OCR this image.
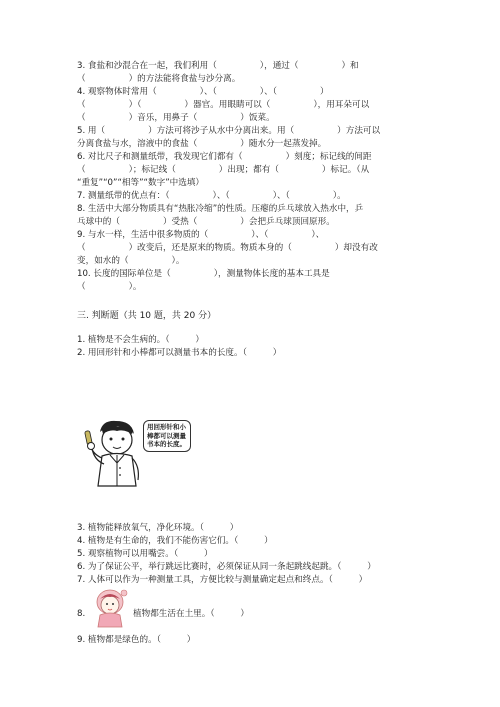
3. 食盐和沙混合在一起，我们利用（　　　　　），通过（　　　　　）和
（　　　　　）的方法能将食盐与沙分离。
4. 观察物体时常用（　　　　　）、（　　　　　）、（　　　　　）
（　　　　　）（　　　　　）器官。用眼睛可以（　　　　　），用耳朵可以
（　　　　　）音乐，用鼻子（　　　　　）饭菜。
5. 用（　　　　　）方法可将沙子从水中分离出来。用（　　　　　）方法可以
分离食盐与水，溶液中的食盐（　　　　　）随水分一起蒸发掉。
6. 对比尺子和测量纸带，我发现它们都有（　　　　　）刻度；标记线的间距
（　　　　　）；标记线（　　　　　）出现；都有（　　　　　）标记。（从
“重复”“0”“相等”“数字”中选填）
7. 测量纸带的优点有：（　　　　　）、（　　　　　）、（　　　　　）。
8. 生活中大部分物质具有“热胀冷缩”的性质。压瘪的乒乓球放入热水中，乒
乓球中的（　　　　　）受热（　　　　　）会把乒乓球顶回原形。
9. 与水一样，生活中很多物质的（　　　　　）、（　　　　　）、
（　　　　　）改变后，还是原来的物质。物质本身的（　　　　　）却没有改
变，如水的（　　　　　）。
10. 长度的国际单位是（　　　　　），测量物体长度的基本工具是
（　　　　　）。
三. 判断题（共 10 题，共 20 分）
1. 植物是不会生病的。（　　　）
2. 用回形针和小棒都可以测量书本的长度。（　　　）
用回形针和小棒都可以测量书本的长度。
3. 植物能释放氧气，净化环境。（　　　）
4. 植物是有生命的，我们不能伤害它们。（　　　）
5. 观察植物可以用嘴尝。（　　　）
6. 为了保证公平，举行跳远比赛时，必须保证从同一条起跳线起跳。（　　　）
7. 人体可以作为一种测量工具，方便比较与测量确定起点和终点。（　　　）
8.	植物都生活在土里。（　　　）
9. 植物都是绿色的。（　　　）
